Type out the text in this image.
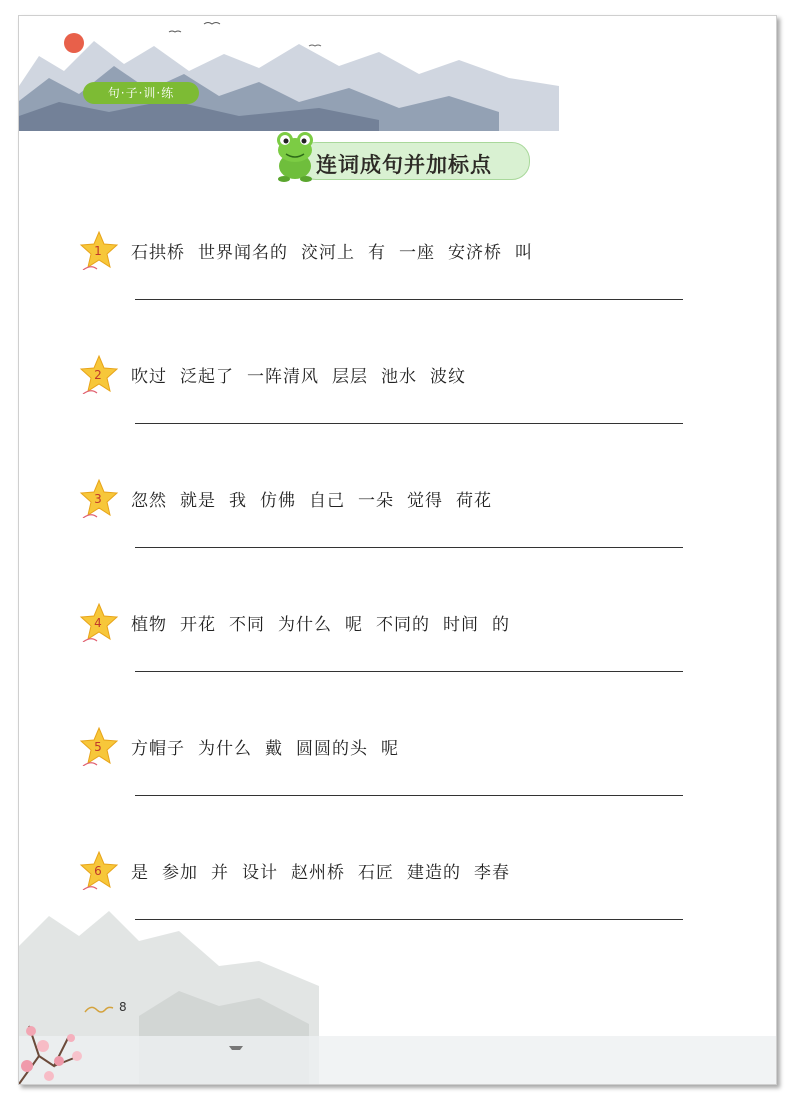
句·子·训·练
连词成句并加标点
1 石拱桥 世界闻名的 洨河上 有 一座 安济桥 叫
2 吹过 泛起了 一阵清风 层层 池水 波纹
3 忽然 就是 我 仿佛 自己 一朵 觉得 荷花
4 植物 开花 不同 为什么 呢 不同的 时间 的
5 方帽子 为什么 戴 圆圆的头 呢
6 是 参加 并 设计 赵州桥 石匠 建造的 李春
8
